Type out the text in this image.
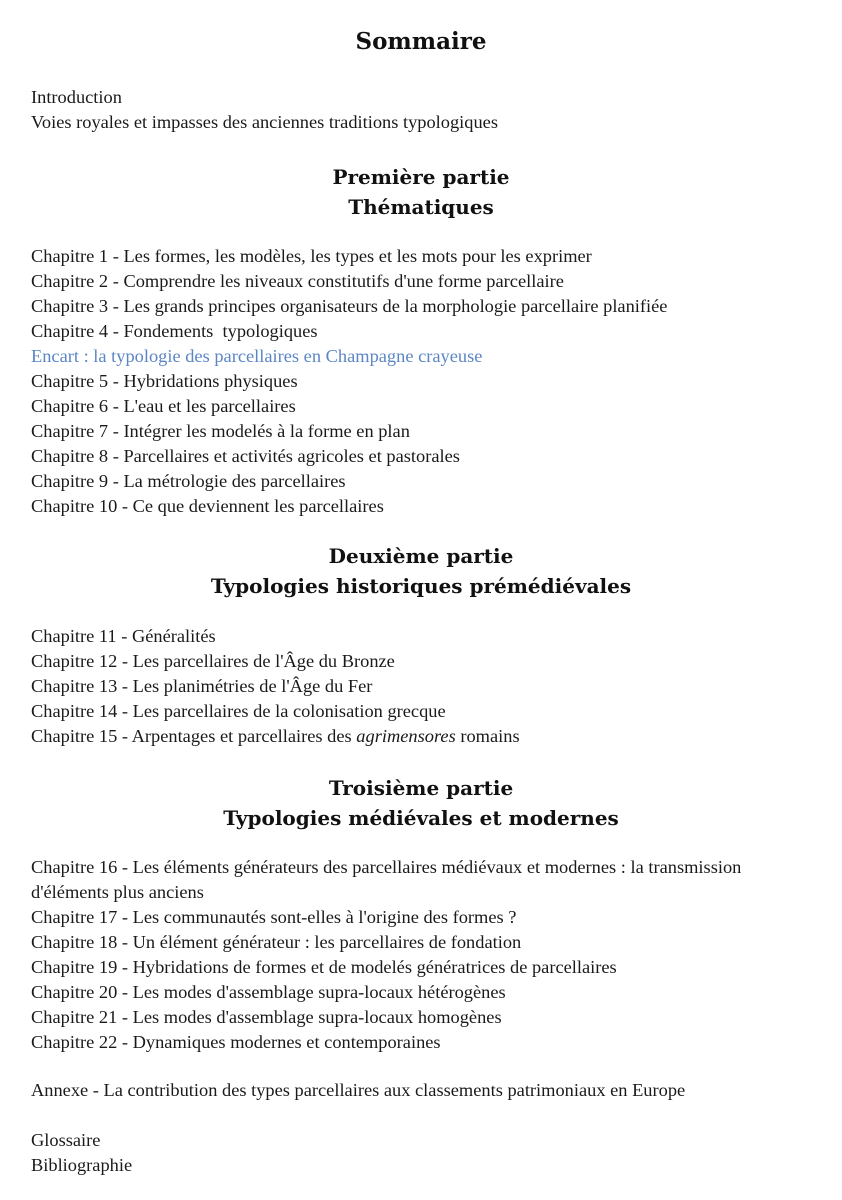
Sommaire
Introduction
Voies royales et impasses des anciennes traditions typologiques
Première partie
Thématiques
Chapitre 1 - Les formes, les modèles, les types et les mots pour les exprimer
Chapitre 2 - Comprendre les niveaux constitutifs d'une forme parcellaire
Chapitre 3 - Les grands principes organisateurs de la morphologie parcellaire planifiée
Chapitre 4 - Fondements  typologiques
Encart : la typologie des parcellaires en Champagne crayeuse
Chapitre 5 - Hybridations physiques
Chapitre 6 - L'eau et les parcellaires
Chapitre 7 - Intégrer les modelés à la forme en plan
Chapitre 8 - Parcellaires et activités agricoles et pastorales
Chapitre 9 - La métrologie des parcellaires
Chapitre 10 - Ce que deviennent les parcellaires
Deuxième partie
Typologies historiques prémédiévales
Chapitre 11 - Généralités
Chapitre 12 - Les parcellaires de l'Âge du Bronze
Chapitre 13 - Les planimétries de l'Âge du Fer
Chapitre 14 - Les parcellaires de la colonisation grecque
Chapitre 15 - Arpentages et parcellaires des agrimensores romains
Troisième partie
Typologies médiévales et modernes
Chapitre 16 - Les éléments générateurs des parcellaires médiévaux et modernes : la transmission d'éléments plus anciens
Chapitre 17 - Les communautés sont-elles à l'origine des formes ?
Chapitre 18 - Un élément générateur : les parcellaires de fondation
Chapitre 19 - Hybridations de formes et de modelés génératrices de parcellaires
Chapitre 20 - Les modes d'assemblage supra-locaux hétérogènes
Chapitre 21 - Les modes d'assemblage supra-locaux homogènes
Chapitre 22 - Dynamiques modernes et contemporaines
Annexe - La contribution des types parcellaires aux classements patrimoniaux en Europe
Glossaire
Bibliographie
